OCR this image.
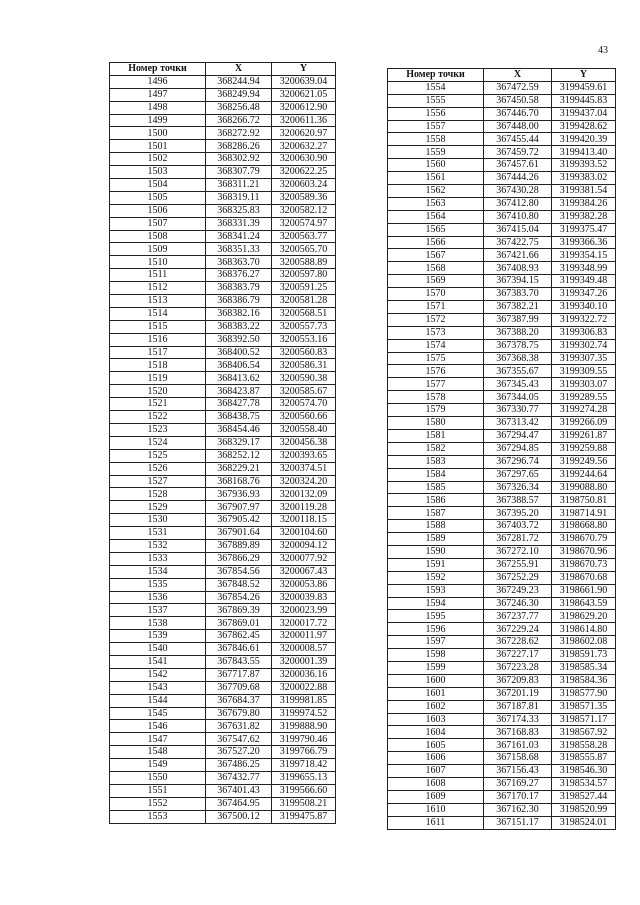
43
Номер точки	X	Y
1496	368244.94	3200639.04
1497	368249.94	3200621.05
1498	368256.48	3200612.90
1499	368266.72	3200611.36
1500	368272.92	3200620.97
1501	368286.26	3200632.27
1502	368302.92	3200630.90
1503	368307.79	3200622.25
1504	368311.21	3200603.24
1505	368319.11	3200589.36
1506	368325.83	3200582.12
1507	368331.39	3200574.97
1508	368341.24	3200563.77
1509	368351.33	3200565.70
1510	368363.70	3200588.89
1511	368376.27	3200597.80
1512	368383.79	3200591.25
1513	368386.79	3200581.28
1514	368382.16	3200568.51
1515	368383.22	3200557.73
1516	368392.50	3200553.16
1517	368400.52	3200560.83
1518	368406.54	3200586.31
1519	368413.62	3200590.38
1520	368423.87	3200585.67
1521	368427.78	3200574.70
1522	368438.75	3200560.66
1523	368454.46	3200558.40
1524	368329.17	3200456.38
1525	368252.12	3200393.65
1526	368229.21	3200374.51
1527	368168.76	3200324.20
1528	367936.93	3200132.09
1529	367907.97	3200119.28
1530	367905.42	3200118.15
1531	367901.64	3200104.60
1532	367889.89	3200094.12
1533	367866.29	3200077.92
1534	367854.56	3200067.43
1535	367848.52	3200053.86
1536	367854.26	3200039.83
1537	367869.39	3200023.99
1538	367869.01	3200017.72
1539	367862.45	3200011.97
1540	367846.61	3200008.57
1541	367843.55	3200001.39
1542	367717.87	3200036.16
1543	367709.68	3200022.88
1544	367684.37	3199981.85
1545	367679.80	3199974.52
1546	367631.82	3199888.90
1547	367547.62	3199790.46
1548	367527.20	3199766.79
1549	367486.25	3199718.42
1550	367432.77	3199655.13
1551	367401.43	3199566.60
1552	367464.95	3199508.21
1553	367500.12	3199475.87
Номер точки	X	Y
1554	367472.59	3199459.61
1555	367450.58	3199445.83
1556	367446.70	3199437.04
1557	367448.00	3199428.62
1558	367455.44	3199420.39
1559	367459.72	3199413.40
1560	367457.61	3199393.52
1561	367444.26	3199383.02
1562	367430.28	3199381.54
1563	367412.80	3199384.26
1564	367410.80	3199382.28
1565	367415.04	3199375.47
1566	367422.75	3199366.36
1567	367421.66	3199354.15
1568	367408.93	3199348.99
1569	367394.15	3199349.48
1570	367383.70	3199347.26
1571	367382.21	3199340.10
1572	367387.99	3199322.72
1573	367388.20	3199306.83
1574	367378.75	3199302.74
1575	367368.38	3199307.35
1576	367355.67	3199309.55
1577	367345.43	3199303.07
1578	367344.05	3199289.55
1579	367330.77	3199274.28
1580	367313.42	3199266.09
1581	367294.47	3199261.87
1582	367294.85	3199259.88
1583	367296.74	3199249.56
1584	367297.65	3199244.64
1585	367326.34	3199088.80
1586	367388.57	3198750.81
1587	367395.20	3198714.91
1588	367403.72	3198668.80
1589	367281.72	3198670.79
1590	367272.10	3198670.96
1591	367255.91	3198670.73
1592	367252.29	3198670.68
1593	367249.23	3198661.90
1594	367246.30	3198643.59
1595	367237.77	3198629.20
1596	367229.24	3198614.80
1597	367228.62	3198602.08
1598	367227.17	3198591.73
1599	367223.28	3198585.34
1600	367209.83	3198584.36
1601	367201.19	3198577.90
1602	367187.81	3198571.35
1603	367174.33	3198571.17
1604	367168.83	3198567.92
1605	367161.03	3198558.28
1606	367158.68	3198555.87
1607	367156.43	3198546.30
1608	367169.27	3198534.57
1609	367170.17	3198527.44
1610	367162.30	3198520.99
1611	367151.17	3198524.01
